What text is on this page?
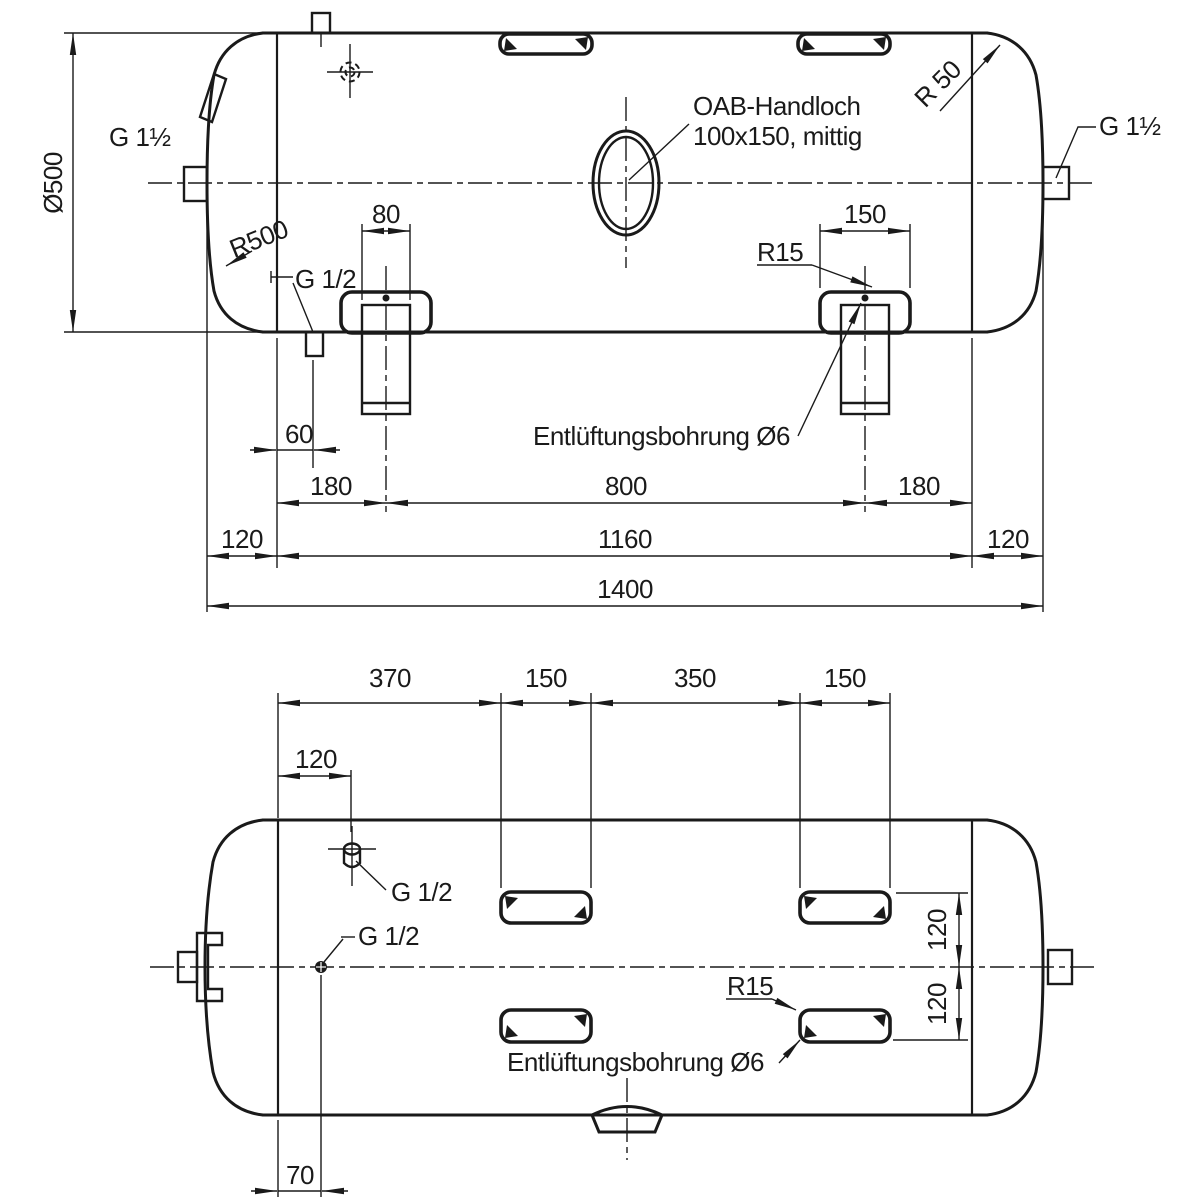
Ø500
R500
R 50
G 1½	G 1½
G 1/2
OAB-Handloch
100x150, mittig
R15
Entlüftungsbohrung Ø6
80	150
60
180	800	180
120	1160	120
1400
G 1/2
G 1/2
370	150	350	150
120
120
120
R15
Entlüftungsbohrung Ø6
70
